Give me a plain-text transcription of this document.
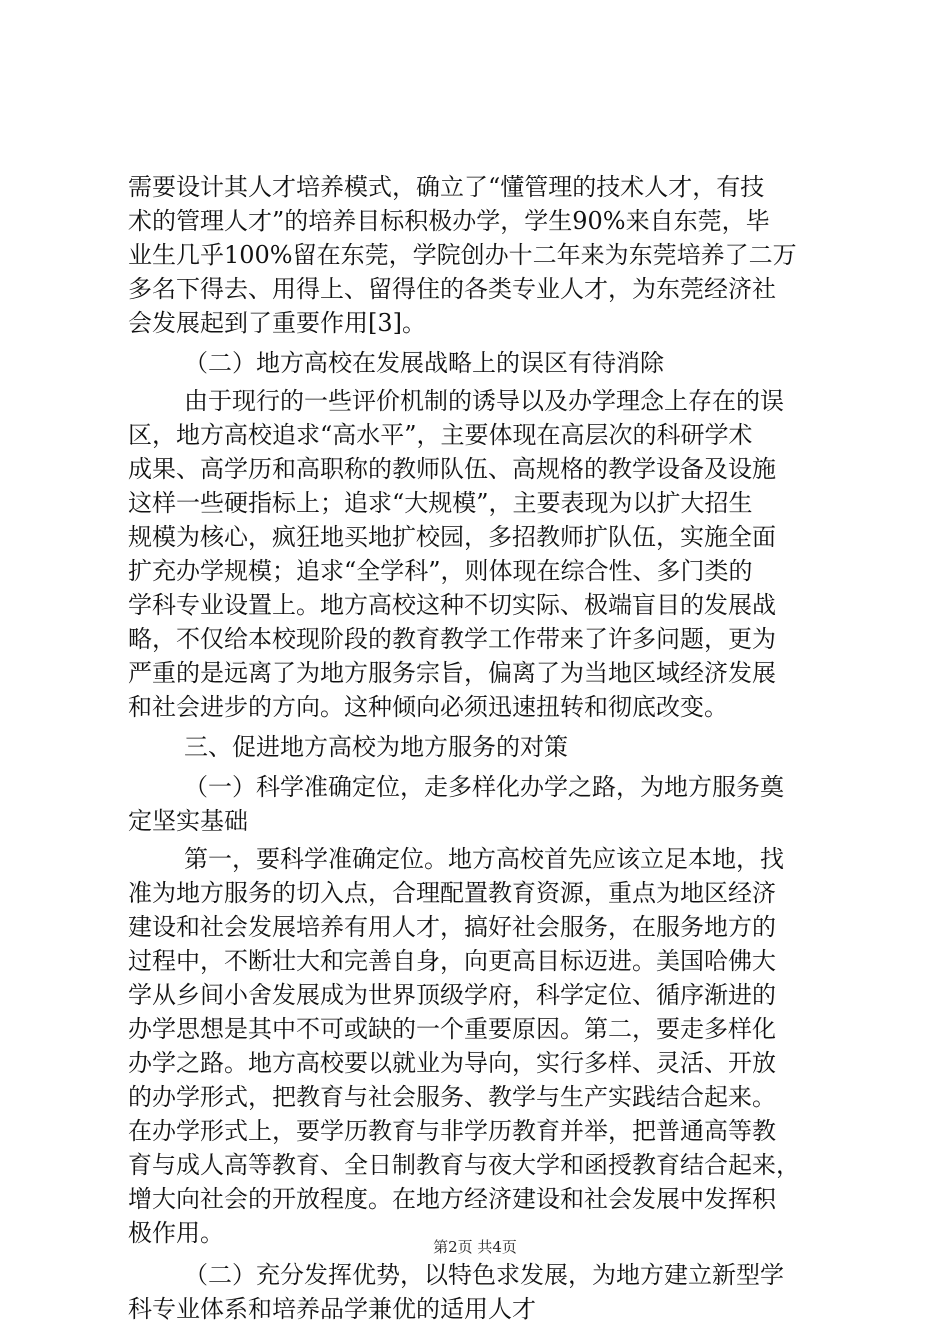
需要设计其人才培养模式，确立了“懂管理的技术人才，有技
术的管理人才”的培养目标积极办学，学生90%来自东莞，毕
业生几乎100%留在东莞，学院创办十二年来为东莞培养了二万
多名下得去、用得上、留得住的各类专业人才，为东莞经济社
会发展起到了重要作用[3]。
（二）地方高校在发展战略上的误区有待消除
由于现行的一些评价机制的诱导以及办学理念上存在的误
区，地方高校追求“高水平”，主要体现在高层次的科研学术
成果、高学历和高职称的教师队伍、高规格的教学设备及设施
这样一些硬指标上；追求“大规模”，主要表现为以扩大招生
规模为核心，疯狂地买地扩校园，多招教师扩队伍，实施全面
扩充办学规模；追求“全学科”，则体现在综合性、多门类的
学科专业设置上。地方高校这种不切实际、极端盲目的发展战
略，不仅给本校现阶段的教育教学工作带来了许多问题，更为
严重的是远离了为地方服务宗旨，偏离了为当地区域经济发展
和社会进步的方向。这种倾向必须迅速扭转和彻底改变。
三、促进地方高校为地方服务的对策
（一）科学准确定位，走多样化办学之路，为地方服务奠
定坚实基础
第一，要科学准确定位。地方高校首先应该立足本地，找
准为地方服务的切入点，合理配置教育资源，重点为地区经济
建设和社会发展培养有用人才，搞好社会服务，在服务地方的
过程中，不断壮大和完善自身，向更高目标迈进。美国哈佛大
学从乡间小舍发展成为世界顶级学府，科学定位、循序渐进的
办学思想是其中不可或缺的一个重要原因。第二，要走多样化
办学之路。地方高校要以就业为导向，实行多样、灵活、开放
的办学形式，把教育与社会服务、教学与生产实践结合起来。
在办学形式上，要学历教育与非学历教育并举，把普通高等教
育与成人高等教育、全日制教育与夜大学和函授教育结合起来，
增大向社会的开放程度。在地方经济建设和社会发展中发挥积
极作用。
（二）充分发挥优势，以特色求发展，为地方建立新型学
科专业体系和培养品学兼优的适用人才
第2页 共4页
